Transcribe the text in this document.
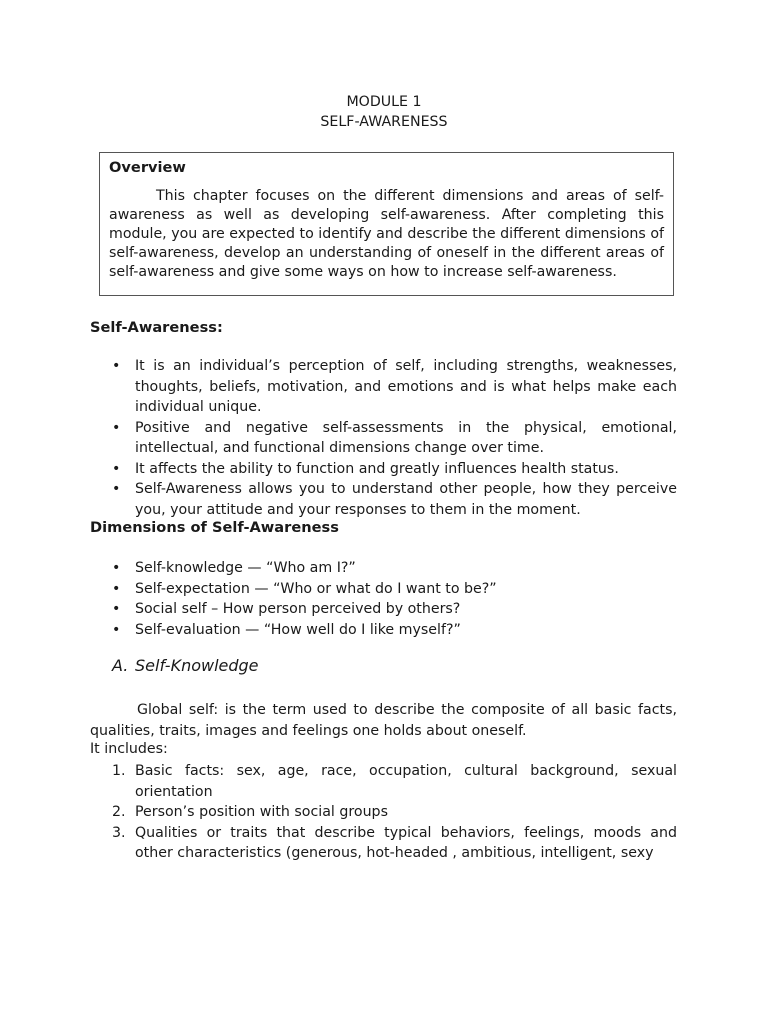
MODULE 1
SELF-AWARENESS

Overview

This chapter focuses on the different dimensions and areas of self-awareness as well as developing self-awareness. After completing this module, you are expected to identify and describe the different dimensions of self-awareness, develop an understanding of oneself in the different areas of self-awareness and give some ways on how to increase self-awareness.

Self-Awareness:

• It is an individual’s perception of self, including strengths, weaknesses, thoughts, beliefs, motivation, and emotions and is what helps make each individual unique.
• Positive and negative self-assessments in the physical, emotional, intellectual, and functional dimensions change over time.
• It affects the ability to function and greatly influences health status.
• Self-Awareness allows you to understand other people, how they perceive you, your attitude and your responses to them in the moment.

Dimensions of Self-Awareness

• Self-knowledge — “Who am I?”
• Self-expectation — “Who or what do I want to be?”
• Social self – How person perceived by others?
• Self-evaluation — “How well do I like myself?”

A. Self-Knowledge

Global self: is the term used to describe the composite of all basic facts, qualities, traits, images and feelings one holds about oneself.

It includes:

1. Basic facts: sex, age, race, occupation, cultural background, sexual orientation
2. Person’s position with social groups
3. Qualities or traits that describe typical behaviors, feelings, moods and other characteristics (generous, hot-headed , ambitious, intelligent, sexy
